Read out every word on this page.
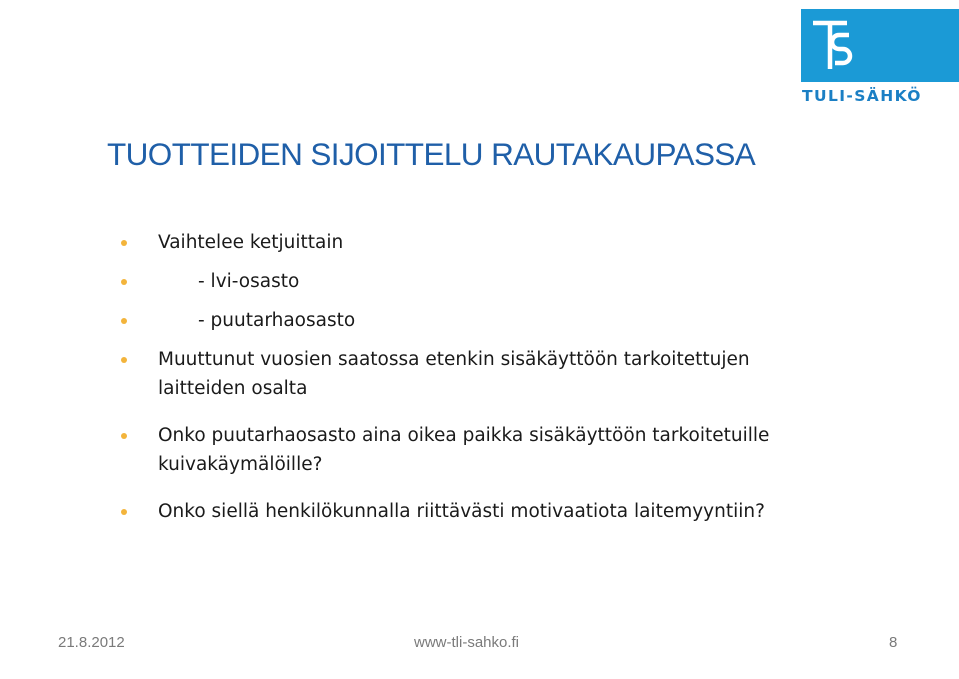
TULI-SÄHKÖ
TUOTTEIDEN SIJOITTELU RAUTAKAUPASSA
Vaihtelee ketjuittain
- lvi-osasto
- puutarhaosasto
Muuttunut vuosien saatossa etenkin sisäkäyttöön tarkoitettujen laitteiden osalta
Onko puutarhaosasto aina oikea paikka sisäkäyttöön tarkoitetuille kuivakäymälöille?
Onko siellä henkilökunnalla riittävästi motivaatiota laitemyyntiin?
21.8.2012	www-tli-sahko.fi	8
